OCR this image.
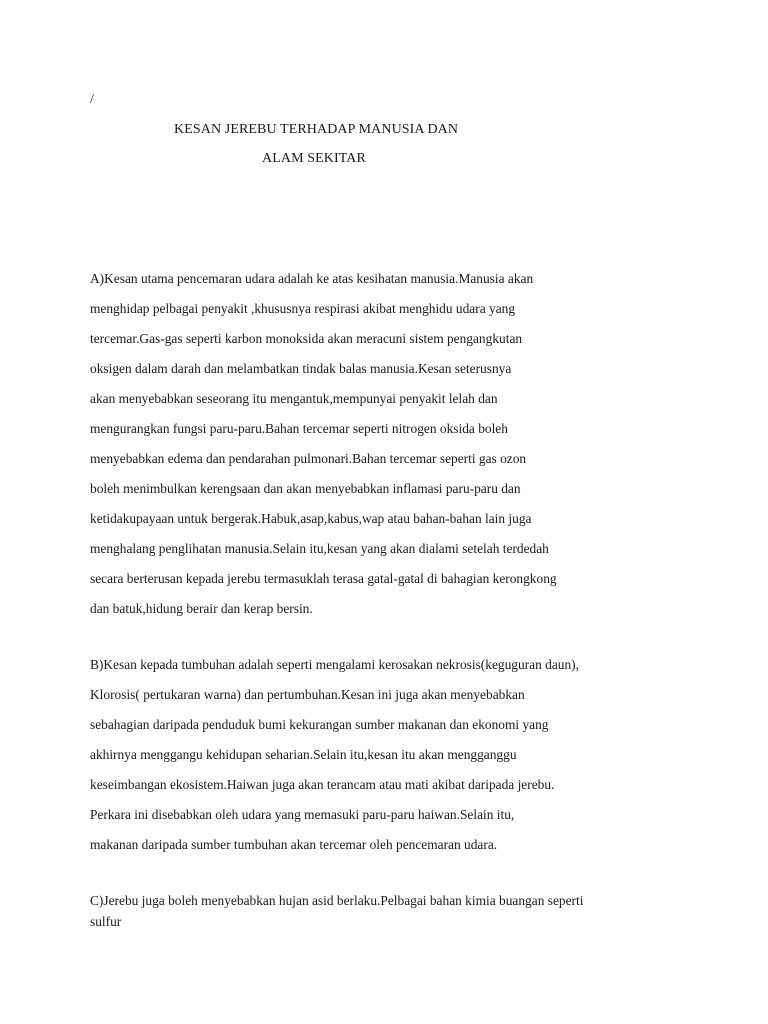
/
KESAN JEREBU TERHADAP MANUSIA DAN
ALAM SEKITAR
A)Kesan utama pencemaran udara adalah ke atas kesihatan manusia.Manusia akan
menghidap pelbagai penyakit ,khususnya respirasi akibat menghidu udara yang
tercemar.Gas-gas seperti karbon monoksida akan meracuni sistem pengangkutan
oksigen dalam darah dan melambatkan tindak balas manusia.Kesan seterusnya
akan menyebabkan seseorang itu mengantuk,mempunyai penyakit lelah dan
mengurangkan fungsi paru-paru.Bahan tercemar seperti nitrogen oksida boleh
menyebabkan edema dan pendarahan pulmonari.Bahan tercemar seperti gas ozon
boleh menimbulkan kerengsaan dan akan menyebabkan inflamasi paru-paru dan
ketidakupayaan untuk bergerak.Habuk,asap,kabus,wap atau bahan-bahan lain juga
menghalang penglihatan manusia.Selain itu,kesan yang akan dialami setelah terdedah
secara berterusan kepada jerebu termasuklah terasa gatal-gatal di bahagian kerongkong
dan batuk,hidung berair dan kerap bersin.
B)Kesan kepada tumbuhan adalah seperti mengalami kerosakan nekrosis(keguguran daun),
Klorosis( pertukaran warna) dan pertumbuhan.Kesan ini juga akan menyebabkan
sebahagian daripada penduduk bumi kekurangan sumber makanan dan ekonomi yang
akhirnya menggangu kehidupan seharian.Selain itu,kesan itu akan mengganggu
keseimbangan ekosistem.Haiwan juga akan terancam atau mati akibat daripada jerebu.
Perkara ini disebabkan oleh udara yang memasuki paru-paru haiwan.Selain itu,
makanan daripada sumber tumbuhan akan tercemar oleh pencemaran udara.
C)Jerebu juga boleh menyebabkan hujan asid berlaku.Pelbagai bahan kimia buangan seperti
sulfur
